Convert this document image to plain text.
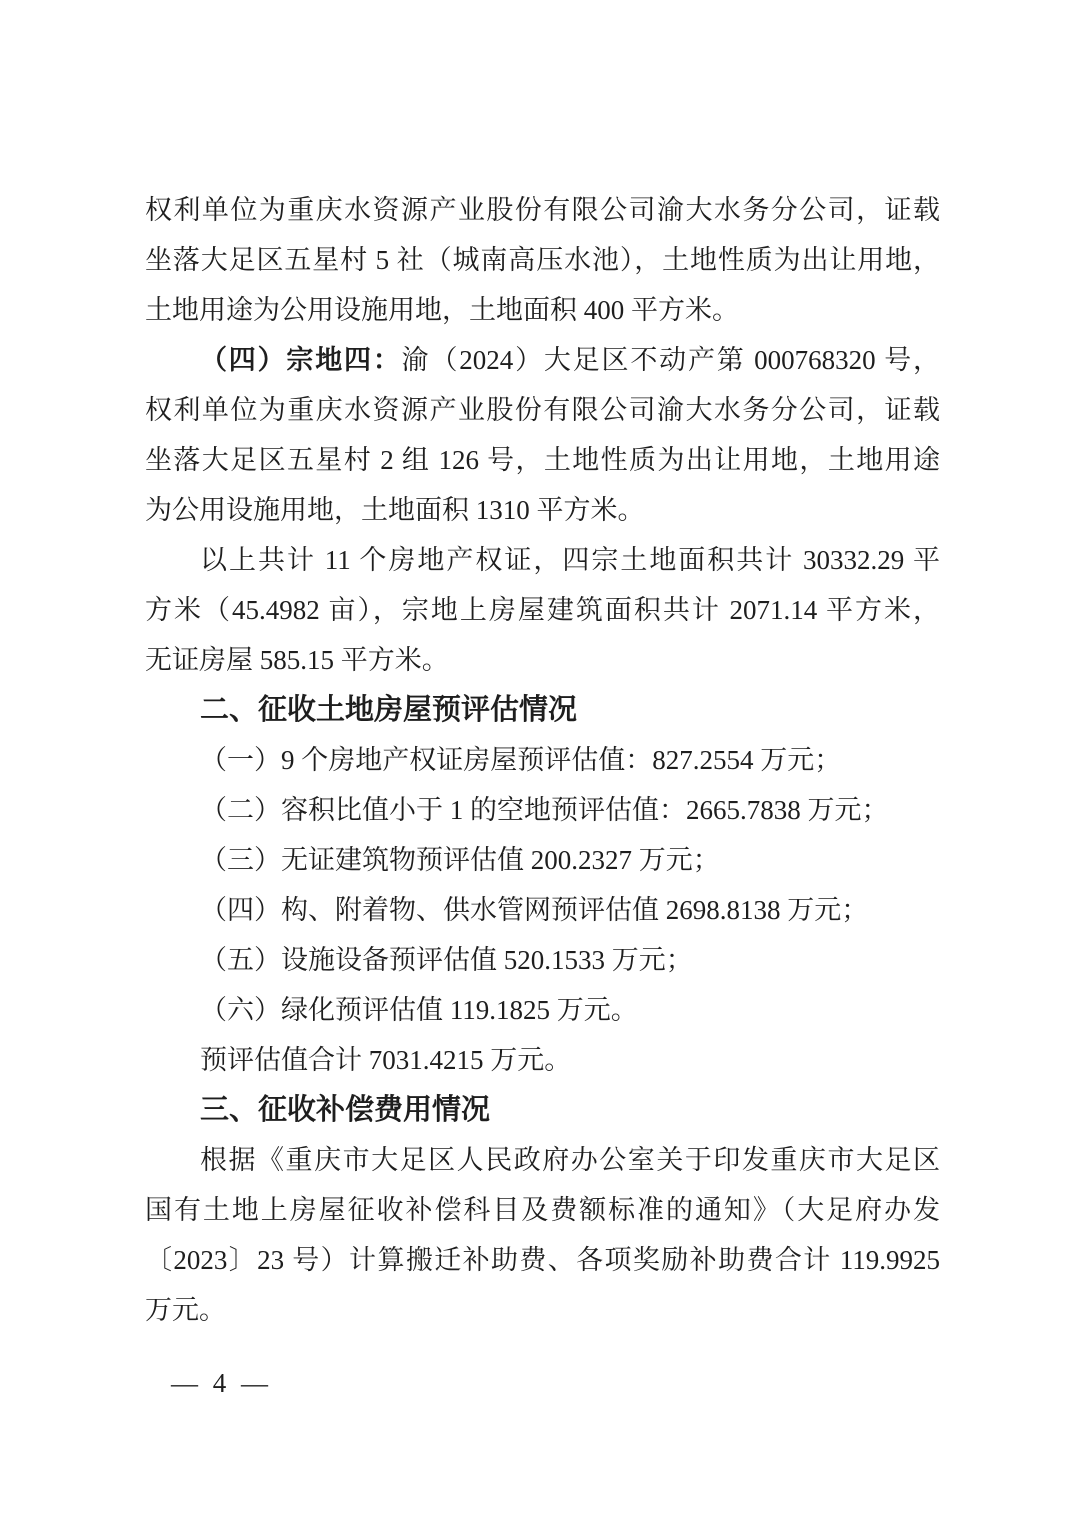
权利单位为重庆水资源产业股份有限公司渝大水务分公司，证载
坐落大足区五星村 5 社（城南高压水池），土地性质为出让用地，
土地用途为公用设施用地，土地面积 400 平方米。
（四）宗地四：渝（2024）大足区不动产第 000768320 号，
权利单位为重庆水资源产业股份有限公司渝大水务分公司，证载
坐落大足区五星村 2 组 126 号，土地性质为出让用地，土地用途
为公用设施用地，土地面积 1310 平方米。
以上共计 11 个房地产权证，四宗土地面积共计 30332.29 平
方米（45.4982 亩），宗地上房屋建筑面积共计 2071.14 平方米，
无证房屋 585.15 平方米。
二、征收土地房屋预评估情况
（一）9 个房地产权证房屋预评估值：827.2554 万元；
（二）容积比值小于 1 的空地预评估值：2665.7838 万元；
（三）无证建筑物预评估值 200.2327 万元；
（四）构、附着物、供水管网预评估值 2698.8138 万元；
（五）设施设备预评估值 520.1533 万元；
（六）绿化预评估值 119.1825 万元。
预评估值合计 7031.4215 万元。
三、征收补偿费用情况
根据《重庆市大足区人民政府办公室关于印发重庆市大足区
国有土地上房屋征收补偿科目及费额标准的通知》（大足府办发
〔2023〕23 号）计算搬迁补助费、各项奖励补助费合计 119.9925
万元。
— 4 —
